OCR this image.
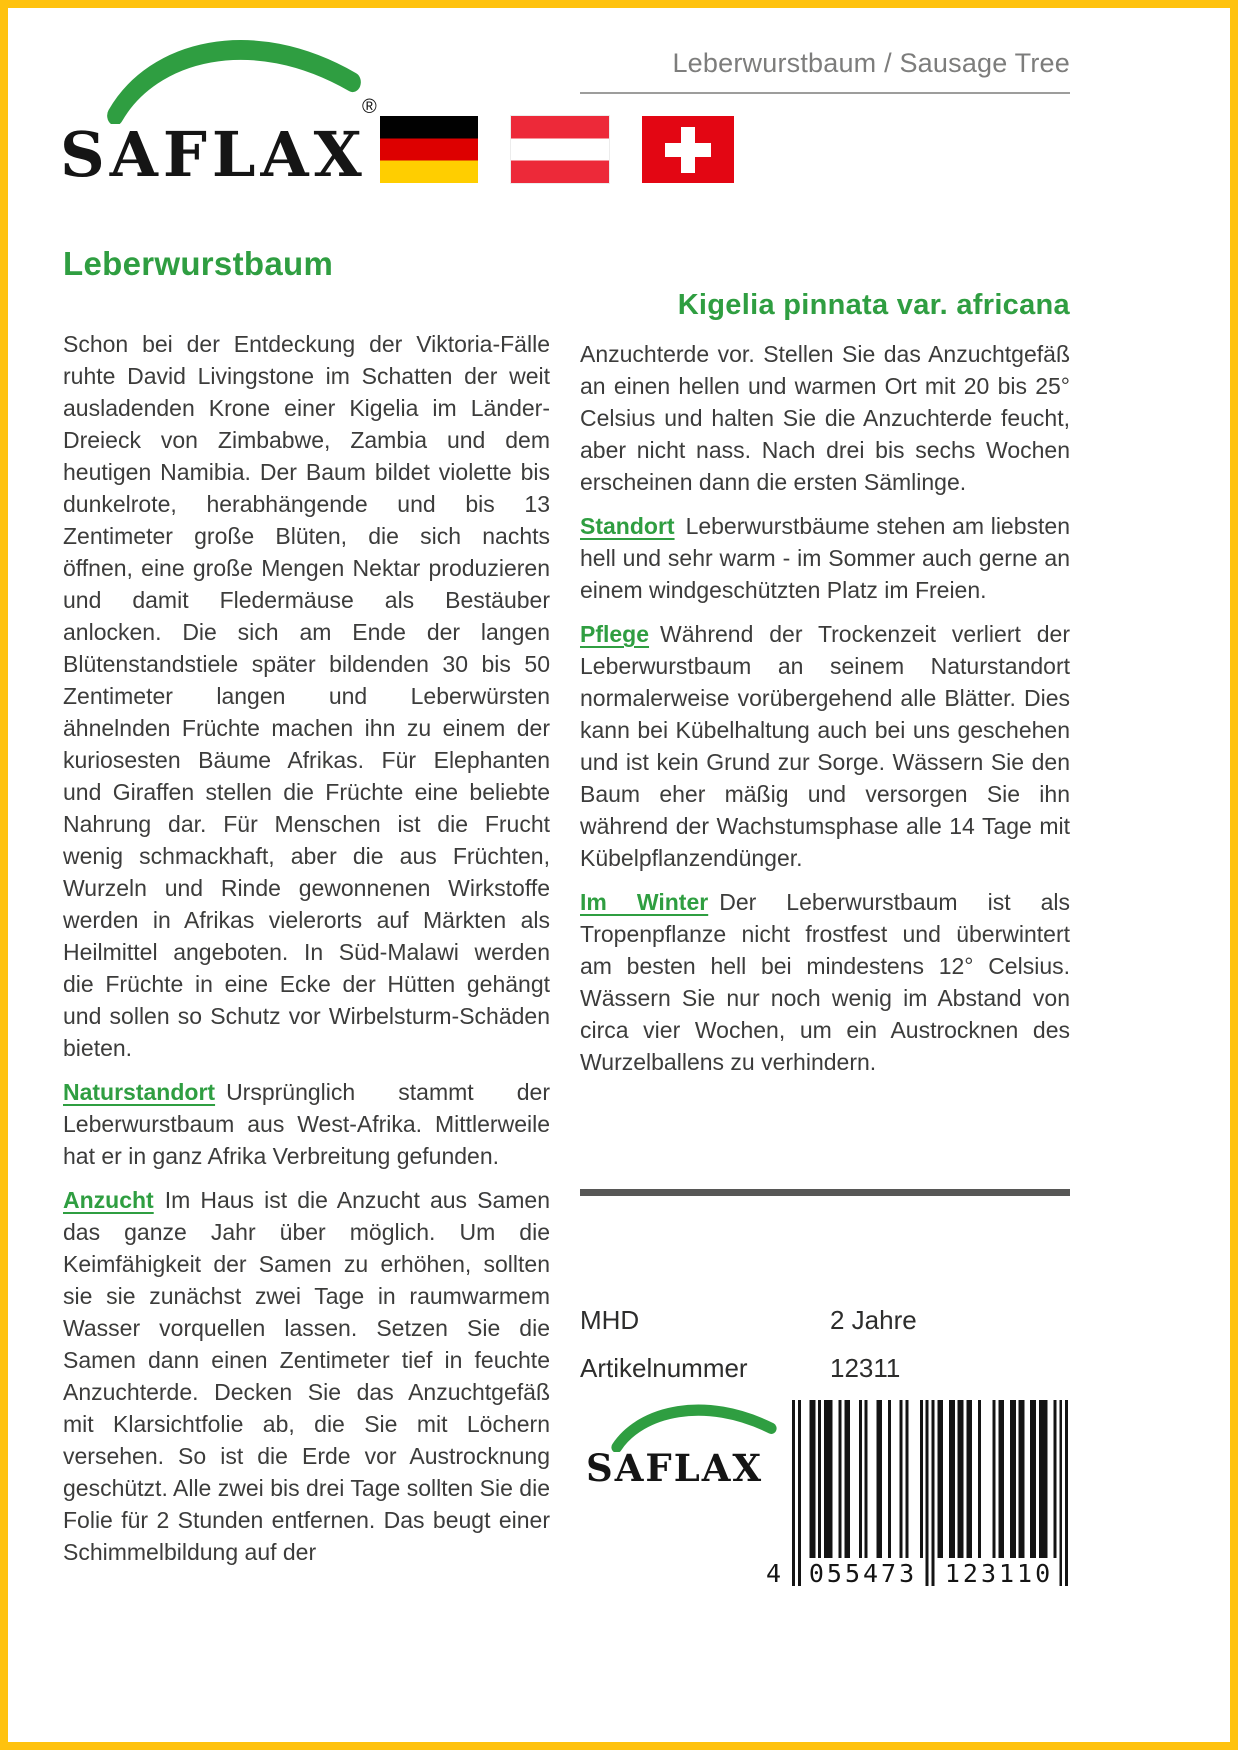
Leberwurstbaum / Sausage Tree
SAFLAX
®
Leberwurstbaum

Schon bei der Entdeckung der Viktoria-Fälle ruhte David Livingstone im Schatten der weit ausladenden Krone einer Kigelia im Länder-Dreieck von Zimbabwe, Zambia und dem heutigen Namibia. Der Baum bildet violette bis dunkelrote, herabhängende und bis 13 Zentimeter große Blüten, die sich nachts öffnen, eine große Mengen Nektar produzieren und damit Fledermäuse als Bestäuber anlocken. Die sich am Ende der langen Blütenstandstiele später bildenden 30 bis 50 Zentimeter langen und Leberwürsten ähnelnden Früchte machen ihn zu einem der kuriosesten Bäume Afrikas. Für Elephanten und Giraffen stellen die Früchte eine beliebte Nahrung dar. Für Menschen ist die Frucht wenig schmackhaft, aber die aus Früchten, Wurzeln und Rinde gewonnenen Wirkstoffe werden in Afrikas vielerorts auf Märkten als Heilmittel angeboten. In Süd-Malawi werden die Früchte in eine Ecke der Hütten gehängt und sollen so Schutz vor Wirbelsturm-Schäden bieten.

Naturstandort Ursprünglich stammt der Leberwurstbaum aus West-Afrika. Mittlerweile hat er in ganz Afrika Verbreitung gefunden.

Anzucht Im Haus ist die Anzucht aus Samen das ganze Jahr über möglich. Um die Keimfähigkeit der Samen zu erhöhen, sollten sie sie zunächst zwei Tage in raumwarmem Wasser vorquellen lassen. Setzen Sie die Samen dann einen Zentimeter tief in feuchte Anzuchterde. Decken Sie das Anzuchtgefäß mit Klarsichtfolie ab, die Sie mit Löchern versehen. So ist die Erde vor Austrocknung geschützt. Alle zwei bis drei Tage sollten Sie die Folie für 2 Stunden entfernen. Das beugt einer Schimmelbildung auf der

Kigelia pinnata var. africana

Anzuchterde vor. Stellen Sie das Anzuchtgefäß an einen hellen und warmen Ort mit 20 bis 25° Celsius und halten Sie die Anzuchterde feucht, aber nicht nass. Nach drei bis sechs Wochen erscheinen dann die ersten Sämlinge.

Standort Leberwurstbäume stehen am liebsten hell und sehr warm - im Sommer auch gerne an einem windgeschützten Platz im Freien.

Pflege Während der Trockenzeit verliert der Leberwurstbaum an seinem Naturstandort normalerweise vorübergehend alle Blätter. Dies kann bei Kübelhaltung auch bei uns geschehen und ist kein Grund zur Sorge. Wässern Sie den Baum eher mäßig und versorgen Sie ihn während der Wachstumsphase alle 14 Tage mit Kübelpflanzendünger.

Im Winter Der Leberwurstbaum ist als Tropenpflanze nicht frostfest und überwintert am besten hell bei mindestens 12° Celsius. Wässern Sie nur noch wenig im Abstand von circa vier Wochen, um ein Austrocknen des Wurzelballens zu verhindern.

MHD	2 Jahre
Artikelnummer	12311
SAFLAX
4 055473 123110
